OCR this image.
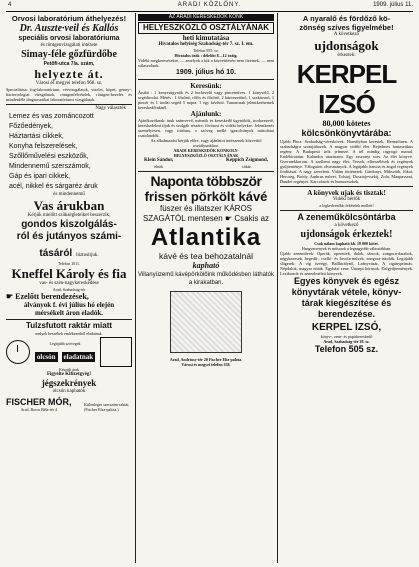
4	ARADI KÖZLÖNY.	1909. július 11.
Orvosi laboratórium áthelyezés!
Dr. Auszte·veil és Kallós
speciális orvosi laboratóriuma
és röntgenvizsgálati intézete
Simay-féle gőzfürdőbe
Petőfi-utca 7/a. szám,
helyezte át.
Városi és megyei telefon 968. sz.
Specialitása: fog-laboratórium, vérvizsgálatok, vizelet, köpet, genny-, bacteriologiai vizsgálatok, röntgenfelvételek, röntgen-kezelés és mindenféle diagnosztikai laboratóriumi vizsgálatok.
Nagy választék
Lemez és vas zománcozott
Főzőedények,
Háztartási cikkek,
Konyha felszerelések,
Szőllőművelési eszközők,
Mindennemű szerszámok,
Gáp és ipari cikkek,
acél, nikkel és sárgaréz áruk
és mindennemű
Vas árukban
Kérjük mielőtt szükségleteiket beszerzik,
gondos kiszolgálás-
ról és jutányos számi-
tásáról biztosítjuk.
Telefon 1011.
Kneffel Károly és fia
vas- és szén-nagykereskedése
Arad, Szabadság-tér
☛ Ezelőtt berendezések,
álványok f. évi július hó elején
mérsékelt áron eladók.
Tulzsfutott raktár miatt
melyek beszéltek emlékezetből eladatnak.
Legújabb szövegek
olcsón eladatnak
Készült árak
Figyelte Kifizetgyég!
jégszekrények
olcsón kaphatók
FISCHER MÓR,
Arad, Boros Béla-tér 4
Különleges szerszám-raktár, (Fischer Elza-palota.)
AZ ARADI KERESKEDŐK KONK
HELYESZKÖZLŐ OSZTÁLYÁNAK
heti kimutatása
Hivatalos helyiség Szabadság-tér 7. sz. I. em.
Telefon 955. sz.
Hivatalos órák : délelőtt 8—12 óráig.
Vidéki megkeresésekre, — amelyek a kik a közvetítésért nem fizetnek, — nem válaszolunk.
1909. július hó 10.
Keresünk:
Árubá : 1 kenyerügynök és 2 borkezelő vagy pinceműves. 1 könyvelő, 2 segédirodai. Mérés : 1 főzőnő, rőfös és főzőnő, 2 házvezetőnő, 1 szakácsnő, 1 pincér és 1 irodai segéd 5 napra. 1 egy kézfutó. Tanoncnak jelentkezhetnek kereskedőinknél.
Ajánlunk:
Ajánlkozóknak: áruk számvevő, mérnök és kereskedő ügynökök, irodavezető, kereskedelmi ifjak és szolgák részére, fővárosi és vidéki helyekre. Jelentkezés személyesen, vagy írásban, a szöveg mellé igazolványok másolatai csatolandók.
Az alkalmazást kérjük előre, vagy ajánlatot intézzenek közvetítő osztályunkhoz.
ARADI KERESKEDŐK KONKOLY-
HELYESZKÖZLŐ OSZTÁLYÁNAK
Klein Sándor,
elnök
Keppich Zsigmond,
titkár.
Naponta többször
frissen pörkölt kávé
füszer és illatszer KÁROS
SZAGÁTÓL mentesen ☛ Csakis az
Atlantika
kávé és tea behozatalnál
kapható
Villanyüzemű kávépörkölőink működésben láthatók a kirakatban.
Arad, Andrássy-tér 20 Fischer Eliz-palota.
Városi és megyei telefon 358.
A nyaralő és fördőző kö-
zönség szíves figyelmébe!
A következő
ujdonságok
érkeztek:
KERPEL IZSÓ
80,000 kötetes
kölcsönkönyvtárába:
Ujabb Phoz: Szabadság-véreskövek. Homályban kerestek, Hermelinen. A szabadságra szomjúhozók. A magyar vidéki élet. Rejtelmes fantasztikus regény. A Budapesti írók jelmeze. A tél mindig ragyogó marad. Emlékirataim. Kalandos utazásaim. Egy asszonyi sors. Az élet könyve. Gyermekkorom. A szellemi nagy élet. Versek, elbeszélések és regények gyűjteménye. Válogatott olvasmányok. A legújabb francia és angol regények fordításai. A nagy szerelem. Vidám történetek. Gárdonyi, Mikszáth, Jókai, Herczeg, Bródy, Ambrus művei, Tolstoj, Dosztojevszkij, Zola, Maupassant, Daudet regényei. Karcolatok és humoreszkek.
A könyvek ujak és tisztak!
Vidéki bérlők
a legkedvezőbb feltételek mellett!
A zeneműkölcsöntárba
a következő
ujdonságok érkeztek!
Csak nálam kapható kb. 18 000 kötet.
Hangversenyek és műsorok a legnagyobb választékban.
Újabb zeneművek: Operák, operettek, dalok, táncok, zongora-darabok, négykezesek, hegedű-, cselló- és fuvola-művek, zongora-iskolák. Legújabb slágerek: A víg özvegy, Ballkirálynő, Leányvásár, A cigányprímás. Népdalok, magyar nóták. Egyházi zene. Ünnepi kórusok. Dalgyűjtemények. Lexikonok és zeneelméleti könyvek.
Egyes könyvek és egész
könyvtárak vétele, könyv-
tárak kiegészítése és
berendezése.
KERPEL IZSÓ,
könyv-, zene- és papírkereskedő
Arad, Szabadság-tér 18. sz.
Telefon 505 sz.
